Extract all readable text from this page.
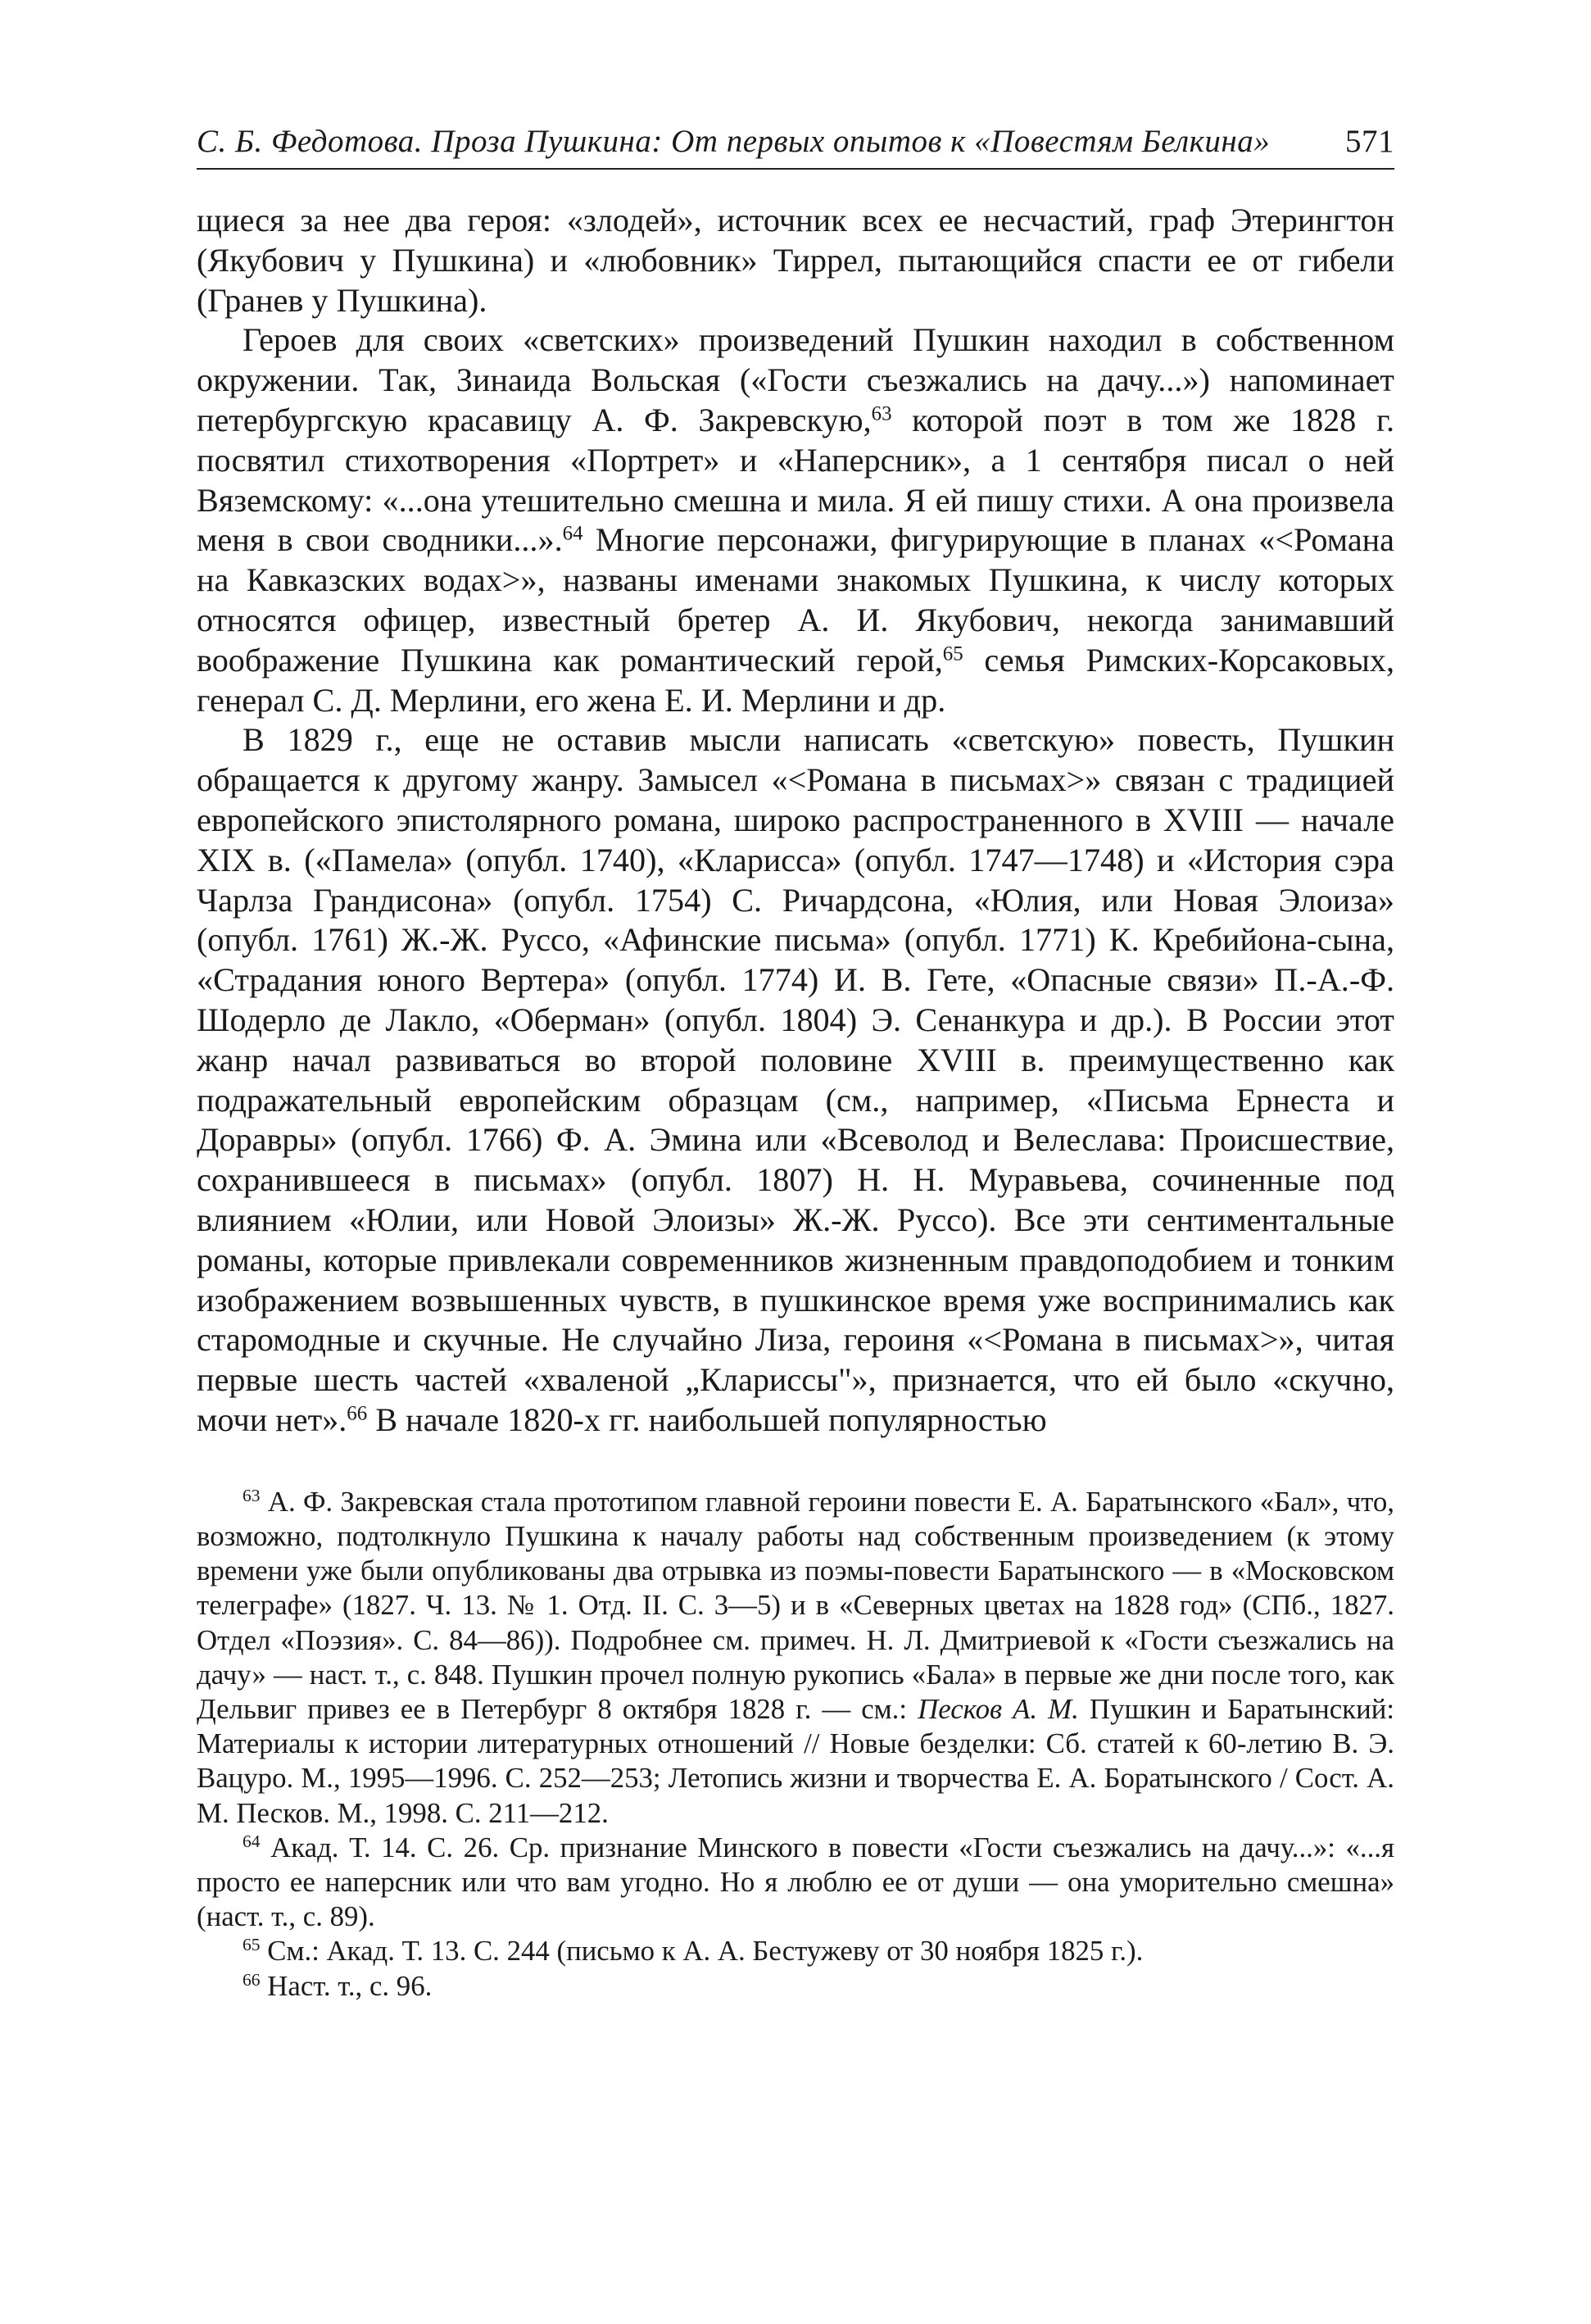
С. Б. Федотова. Проза Пушкина: От первых опытов к «Повестям Белкина» 571

щиеся за нее два героя: «злодей», источник всех ее несчастий, граф Этерингтон (Якубович у Пушкина) и «любовник» Тиррел, пытающийся спасти ее от гибели (Гранев у Пушкина).

Героев для своих «светских» произведений Пушкин находил в собственном окружении. Так, Зинаида Вольская («Гости съезжались на дачу...») напоминает петербургскую красавицу А. Ф. Закревскую,$^{63}$ которой поэт в том же 1828 г. посвятил стихотворения «Портрет» и «Наперсник», а 1 сентября писал о ней Вяземскому: «...она утешительно смешна и мила. Я ей пишу стихи. А она произвела меня в свои сводники...».$^{64}$ Многие персонажи, фигурирующие в планах «<Романа на Кавказских водах>», названы именами знакомых Пушкина, к числу которых относятся офицер, известный бретер А. И. Якубович, некогда занимавший воображение Пушкина как романтический герой,$^{65}$ семья Римских-Корсаковых, генерал С. Д. Мерлини, его жена Е. И. Мерлини и др.

В 1829 г., еще не оставив мысли написать «светскую» повесть, Пушкин обращается к другому жанру. Замысел «<Романа в письмах>» связан с традицией европейского эпистолярного романа, широко распространенного в XVIII — начале XIX в. («Памела» (опубл. 1740), «Кларисса» (опубл. 1747—1748) и «История сэра Чарлза Грандисона» (опубл. 1754) С. Ричардсона, «Юлия, или Новая Элоиза» (опубл. 1761) Ж.-Ж. Руссо, «Афинские письма» (опубл. 1771) К. Кребийона-сына, «Страдания юного Вертера» (опубл. 1774) И. В. Гете, «Опасные связи» П.-А.-Ф. Шодерло де Лакло, «Оберман» (опубл. 1804) Э. Сенанкура и др.). В России этот жанр начал развиваться во второй половине XVIII в. преимущественно как подражательный европейским образцам (см., например, «Письма Ернеста и Доравры» (опубл. 1766) Ф. А. Эмина или «Всеволод и Велеслава: Происшествие, сохранившееся в письмах» (опубл. 1807) Н. Н. Муравьева, сочиненные под влиянием «Юлии, или Новой Элоизы» Ж.-Ж. Руссо). Все эти сентиментальные романы, которые привлекали современников жизненным правдоподобием и тонким изображением возвышенных чувств, в пушкинское время уже воспринимались как старомодные и скучные. Не случайно Лиза, героиня «<Романа в письмах>», читая первые шесть частей «хваленой „Клариссы"», признается, что ей было «скучно, мочи нет».$^{66}$ В начале 1820-х гг. наибольшей популярностью

$^{63}$ А. Ф. Закревская стала прототипом главной героини повести Е. А. Баратынского «Бал», что, возможно, подтолкнуло Пушкина к началу работы над собственным произведением (к этому времени уже были опубликованы два отрывка из поэмы-повести Баратынского — в «Московском телеграфе» (1827. Ч. 13. № 1. Отд. II. С. 3—5) и в «Северных цветах на 1828 год» (СПб., 1827. Отдел «Поэзия». С. 84—86)). Подробнее см. примеч. Н. Л. Дмитриевой к «Гости съезжались на дачу» — наст. т., с. 848. Пушкин прочел полную рукопись «Бала» в первые же дни после того, как Дельвиг привез ее в Петербург 8 октября 1828 г. — см.: Песков А. М. Пушкин и Баратынский: Материалы к истории литературных отношений // Новые безделки: Сб. статей к 60-летию В. Э. Вацуро. М., 1995—1996. С. 252—253; Летопись жизни и творчества Е. А. Боратынского / Сост. А. М. Песков. М., 1998. С. 211—212.

$^{64}$ Акад. Т. 14. С. 26. Ср. признание Минского в повести «Гости съезжались на дачу...»: «...я просто ее наперсник или что вам угодно. Но я люблю ее от души — она уморительно смешна» (наст. т., с. 89).

$^{65}$ См.: Акад. Т. 13. С. 244 (письмо к А. А. Бестужеву от 30 ноября 1825 г.).

$^{66}$ Наст. т., с. 96.
